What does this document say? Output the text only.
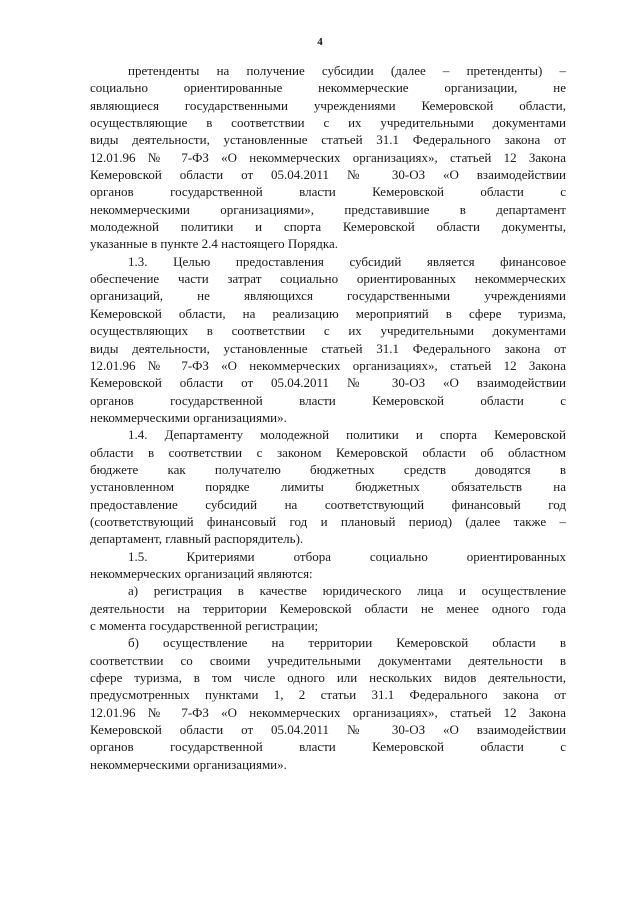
4

претенденты на получение субсидии (далее – претенденты) –
социально ориентированные некоммерческие организации, не
являющиеся государственными учреждениями Кемеровской области,
осуществляющие в соответствии с их учредительными документами
виды деятельности, установленные статьей 31.1 Федерального закона от
12.01.96 № 7-ФЗ «О некоммерческих организациях», статьей 12 Закона
Кемеровской области от 05.04.2011 № 30-ОЗ «О взаимодействии
органов государственной власти Кемеровской области с
некоммерческими организациями», представившие в департамент
молодежной политики и спорта Кемеровской области документы,
указанные в пункте 2.4 настоящего Порядка.

1.3. Целью предоставления субсидий является финансовое
обеспечение части затрат социально ориентированных некоммерческих
организаций, не являющихся государственными учреждениями
Кемеровской области, на реализацию мероприятий в сфере туризма,
осуществляющих в соответствии с их учредительными документами
виды деятельности, установленные статьей 31.1 Федерального закона от
12.01.96 № 7-ФЗ «О некоммерческих организациях», статьей 12 Закона
Кемеровской области от 05.04.2011 № 30-ОЗ «О взаимодействии
органов государственной власти Кемеровской области с
некоммерческими организациями».

1.4. Департаменту молодежной политики и спорта Кемеровской
области в соответствии с законом Кемеровской области об областном
бюджете как получателю бюджетных средств доводятся в
установленном порядке лимиты бюджетных обязательств на
предоставление субсидий на соответствующий финансовый год
(соответствующий финансовый год и плановый период) (далее также –
департамент, главный распорядитель).

1.5. Критериями отбора социально ориентированных
некоммерческих организаций являются:

а) регистрация в качестве юридического лица и осуществление
деятельности на территории Кемеровской области не менее одного года
с момента государственной регистрации;

б) осуществление на территории Кемеровской области в
соответствии со своими учредительными документами деятельности в
сфере туризма, в том числе одного или нескольких видов деятельности,
предусмотренных пунктами 1, 2 статьи 31.1 Федерального закона от
12.01.96 № 7-ФЗ «О некоммерческих организациях», статьей 12 Закона
Кемеровской области от 05.04.2011 № 30-ОЗ «О взаимодействии
органов государственной власти Кемеровской области с
некоммерческими организациями».
